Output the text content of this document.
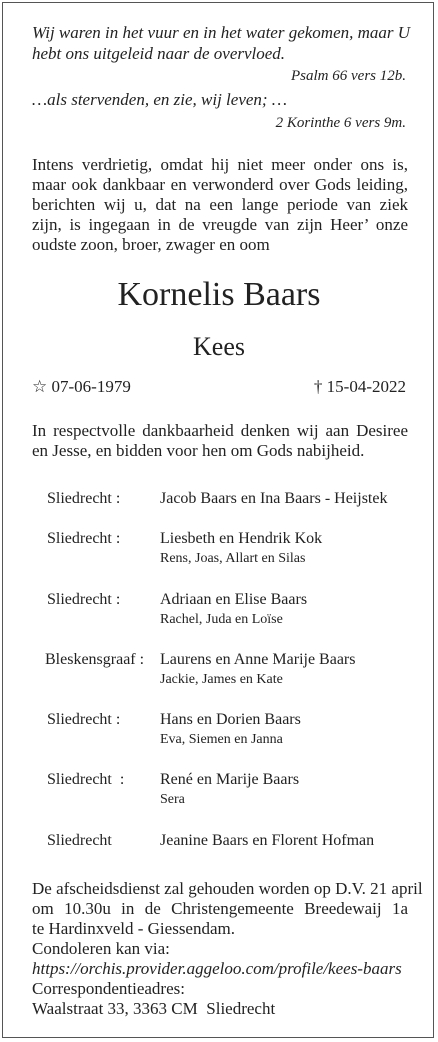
Wij waren in het vuur en in het water gekomen, maar U
hebt ons uitgeleid naar de overvloed.
Psalm 66 vers 12b.
…als stervenden, en zie, wij leven; …
2 Korinthe 6 vers 9m.
Intens verdrietig, omdat hij niet meer onder ons is,
maar ook dankbaar en verwonderd over Gods leiding,
berichten wij u, dat na een lange periode van ziek
zijn, is ingegaan in de vreugde van zijn Heer’ onze
oudste zoon, broer, zwager en oom
Kornelis Baars
Kees
☆ 07-06-1979	† 15-04-2022
In respectvolle dankbaarheid denken wij aan Desiree
en Jesse, en bidden voor hen om Gods nabijheid.
Sliedrecht : Jacob Baars en Ina Baars - Heijstek
Sliedrecht : Liesbeth en Hendrik Kok
Rens, Joas, Allart en Silas
Sliedrecht : Adriaan en Elise Baars
Rachel, Juda en Loïse
Bleskensgraaf : Laurens en Anne Marije Baars
Jackie, James en Kate
Sliedrecht : Hans en Dorien Baars
Eva, Siemen en Janna
Sliedrecht  : René en Marije Baars
Sera
Sliedrecht	Jeanine Baars en Florent Hofman
De afscheidsdienst zal gehouden worden op D.V. 21 april
om 10.30u in de Christengemeente Breedewaij 1a
te Hardinxveld - Giessendam.
Condoleren kan via:
https://orchis.provider.aggeloo.com/profile/kees-baars
Correspondentieadres:
Waalstraat 33, 3363 CM  Sliedrecht
